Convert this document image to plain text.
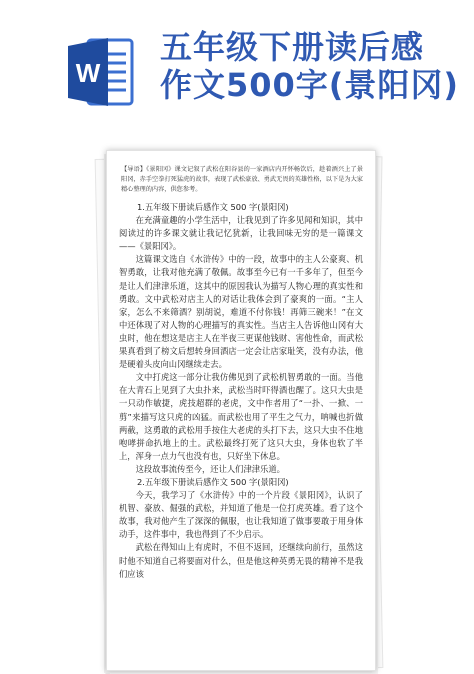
W
五年级下册读后感
作文500字(景阳冈)
【导语】《景阳冈》课文记叙了武松在阳谷县的一家酒店内开怀畅饮后，趁着酒兴上了景阳冈，赤手空拳打死猛虎的故事，表现了武松豪放、勇武无畏的英雄性格，以下是为大家精心整理的内容，供您参考。

1.五年级下册读后感作文 500 字(景阳冈)

在充满童趣的小学生活中，让我见到了许多见闻和知识，其中阅读过的许多课文就让我记忆犹新，让我回味无穷的是一篇课文——《景阳冈》。

这篇课文选自《水浒传》中的一段，故事中的主人公豪爽、机智勇敢，让我对他充满了敬佩。故事至今已有一千多年了，但至今是让人们津津乐道，这其中的原因我认为描写人物心理的真实性和勇敢。文中武松对店主人的对话让我体会到了豪爽的一面。“主人家，怎么不来筛酒？别胡说，难道不付你钱！再筛三碗来！”在文中还体现了对人物的心理描写的真实性。当店主人告诉他山冈有大虫时，他在想这是店主人在半夜三更谋他钱财、害他性命，而武松果真看到了榜文后想转身回酒店一定会让店家耻笑，没有办法，他是硬着头皮向山冈继续走去。

文中打虎这一部分让我仿佛见到了武松机智勇敢的一面。当他在大青石上见到了大虫扑来，武松当时吓得酒也醒了。这只大虫是一只动作敏捷，虎技超群的老虎，文中作者用了“一扑、一掀、一剪”来描写这只虎的凶猛。而武松也用了平生之气力，呐喊也折做两截，这勇敢的武松用手按住大老虎的头打下去，这只大虫不住地咆哮拼命扒地上的土。武松最终打死了这只大虫，身体也软了半上，浑身一点力气也没有也，只好坐下休息。

这段故事流传至今，还让人们津津乐道。

2.五年级下册读后感作文 500 字(景阳冈)

今天，我学习了《水浒传》中的一个片段《景阳冈》，认识了机智、豪放、倔强的武松，并知道了他是一位打虎英雄。看了这个故事，我对他产生了深深的佩服，也让我知道了做事要敢于用身体动手，这件事中，我也得到了不少启示。

武松在得知山上有虎时，不但不返回，还继续向前行，虽然这时他不知道自己将要面对什么，但是他这种英勇无畏的精神不是我们应该
